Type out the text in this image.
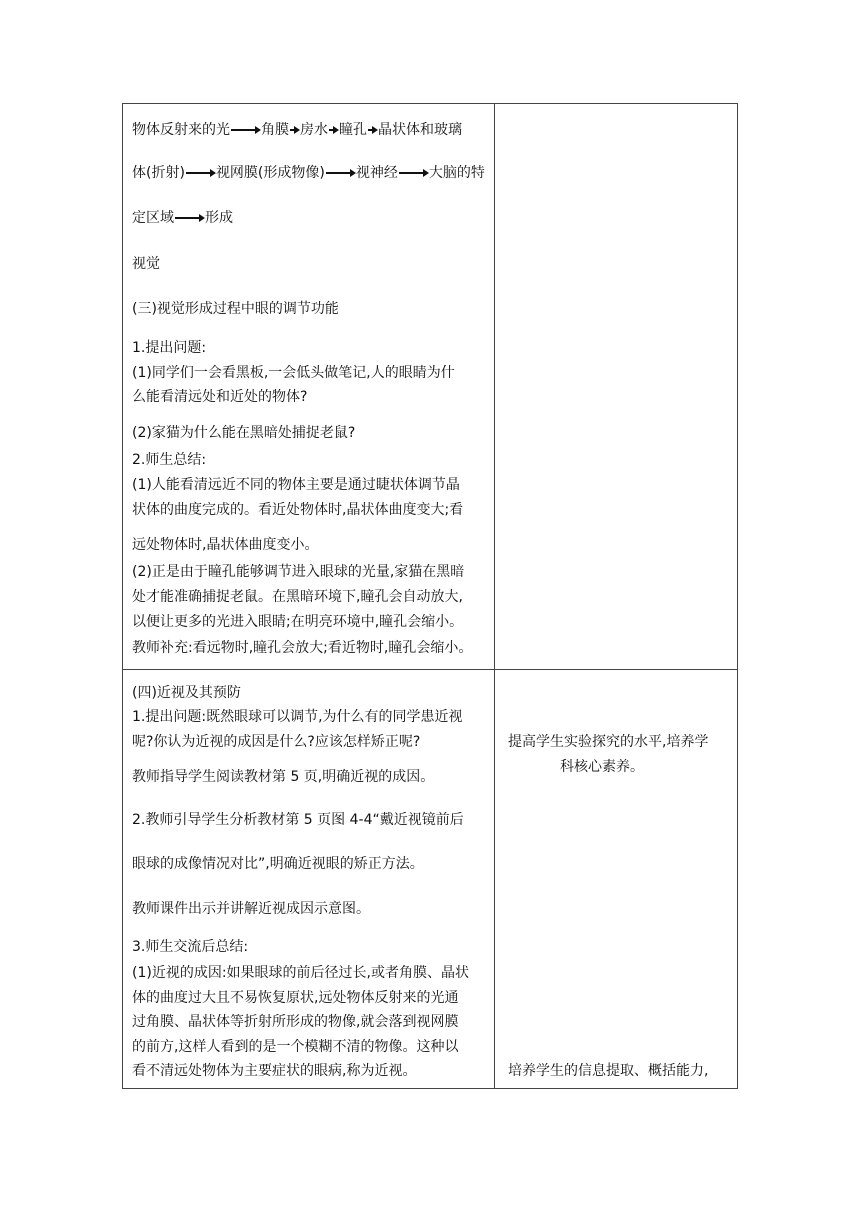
物体反射来的光 角膜 房水 瞳孔 晶状体和玻璃
体(折射) 视网膜(形成物像) 视神经 大脑的特
定区域 形成
视觉
(三)视觉形成过程中眼的调节功能
1.提出问题:
(1)同学们一会看黑板,一会低头做笔记,人的眼睛为什
么能看清远处和近处的物体?
(2)家猫为什么能在黑暗处捕捉老鼠?
2.师生总结:
(1)人能看清远近不同的物体主要是通过睫状体调节晶
状体的曲度完成的。看近处物体时,晶状体曲度变大;看
远处物体时,晶状体曲度变小。
(2)正是由于瞳孔能够调节进入眼球的光量,家猫在黑暗
处才能准确捕捉老鼠。在黑暗环境下,瞳孔会自动放大,
以便让更多的光进入眼睛;在明亮环境中,瞳孔会缩小。
教师补充:看远物时,瞳孔会放大;看近物时,瞳孔会缩小。
(四)近视及其预防
1.提出问题:既然眼球可以调节,为什么有的同学患近视
呢?你认为近视的成因是什么?应该怎样矫正呢?
教师指导学生阅读教材第 5 页,明确近视的成因。
2.教师引导学生分析教材第 5 页图 4-4“戴近视镜前后
眼球的成像情况对比”,明确近视眼的矫正方法。
教师课件出示并讲解近视成因示意图。
3.师生交流后总结:
(1)近视的成因:如果眼球的前后径过长,或者角膜、晶状
体的曲度过大且不易恢复原状,远处物体反射来的光通
过角膜、晶状体等折射所形成的物像,就会落到视网膜
的前方,这样人看到的是一个模糊不清的物像。这种以
看不清远处物体为主要症状的眼病,称为近视。
提高学生实验探究的水平,培养学
科核心素养。
培养学生的信息提取、概括能力,
